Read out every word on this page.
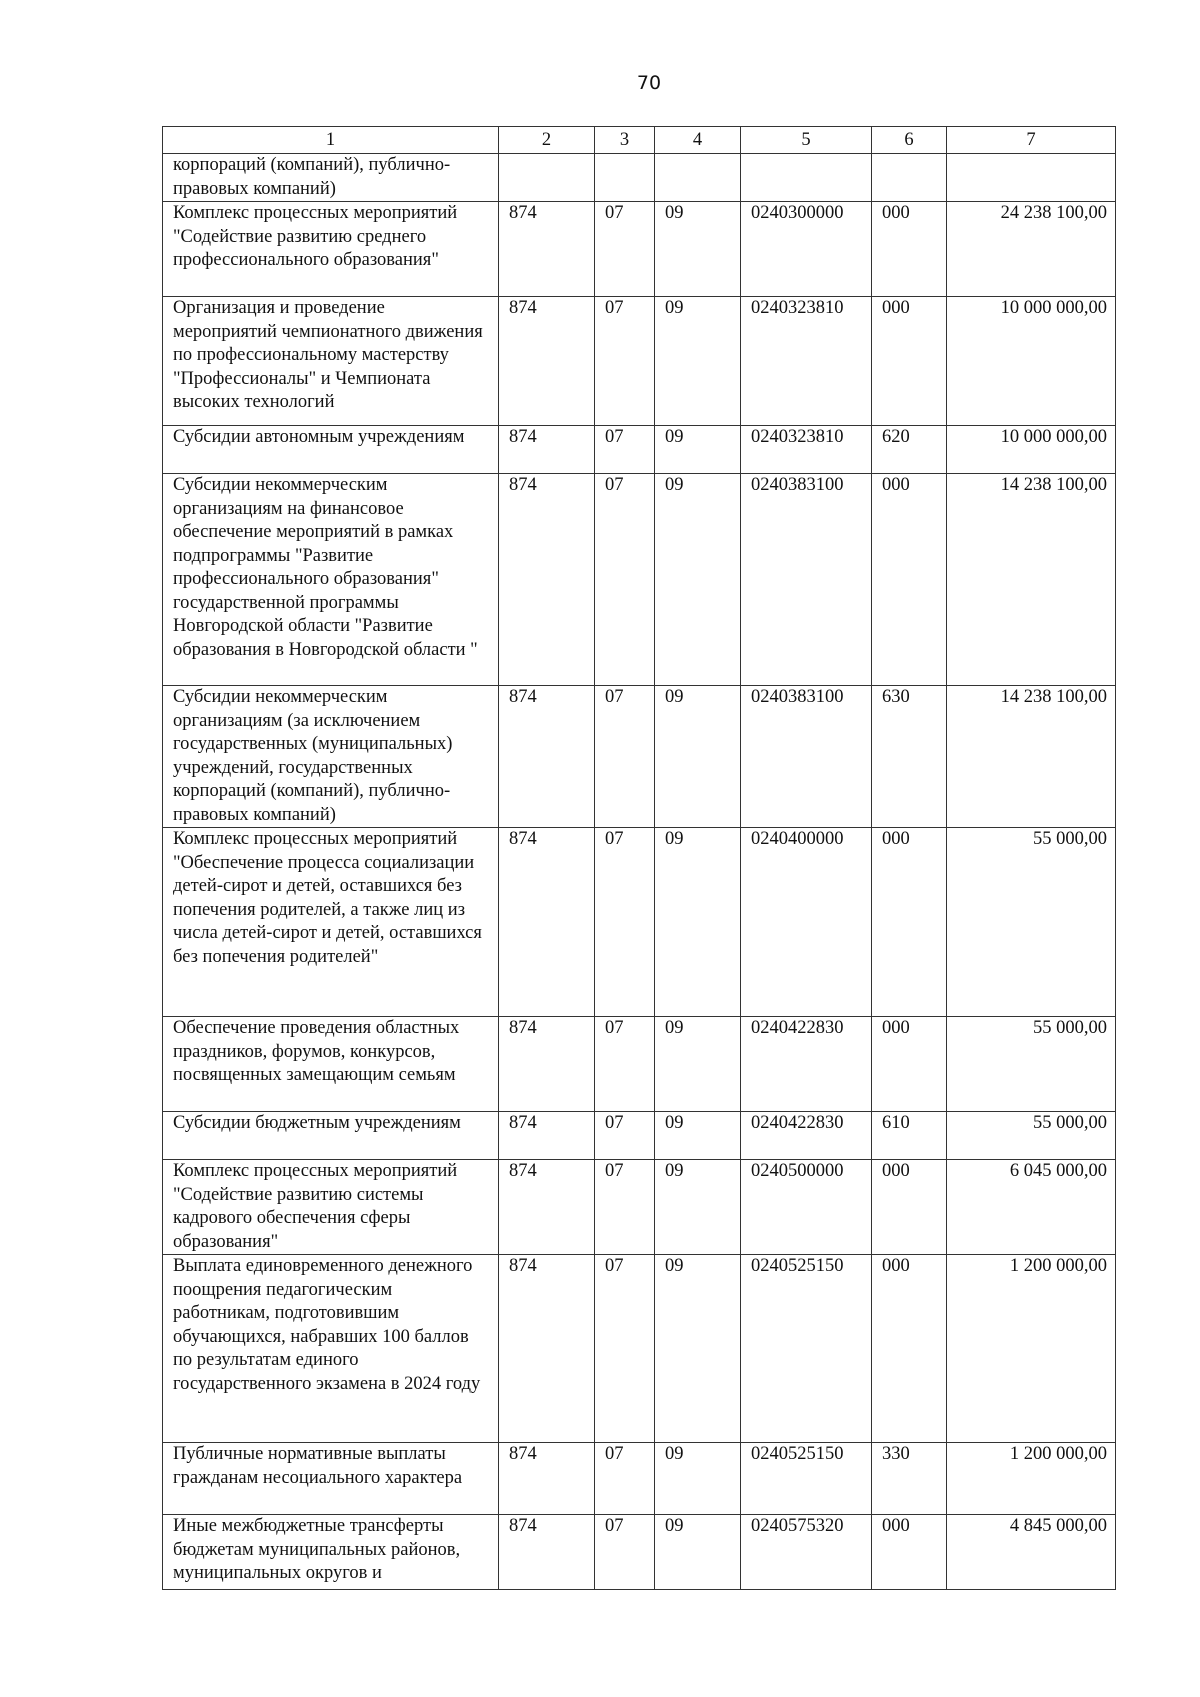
70
1	2	3	4	5	6	7
корпораций (компаний), публично-правовых компаний)						
Комплекс процессных мероприятий "Содействие развитию среднего профессионального образования"	874	07	09	0240300000	000	24 238 100,00
Организация и проведение мероприятий чемпионатного движения по профессиональному мастерству "Профессионалы" и Чемпионата высоких технологий	874	07	09	0240323810	000	10 000 000,00
Субсидии автономным учреждениям	874	07	09	0240323810	620	10 000 000,00
Субсидии некоммерческим организациям на финансовое обеспечение мероприятий в рамках подпрограммы "Развитие профессионального образования" государственной программы Новгородской области "Развитие образования в Новгородской области "	874	07	09	0240383100	000	14 238 100,00
Субсидии некоммерческим организациям (за исключением государственных (муниципальных) учреждений, государственных корпораций (компаний), публично-правовых компаний)	874	07	09	0240383100	630	14 238 100,00
Комплекс процессных мероприятий "Обеспечение процесса социализации детей-сирот и детей, оставшихся без попечения родителей, а также лиц из числа детей-сирот и детей, оставшихся без попечения родителей"	874	07	09	0240400000	000	55 000,00
Обеспечение проведения областных праздников, форумов, конкурсов, посвященных замещающим семьям	874	07	09	0240422830	000	55 000,00
Субсидии бюджетным учреждениям	874	07	09	0240422830	610	55 000,00
Комплекс процессных мероприятий "Содействие развитию системы кадрового обеспечения сферы образования"	874	07	09	0240500000	000	6 045 000,00
Выплата единовременного денежного поощрения педагогическим работникам, подготовившим обучающихся, набравших 100 баллов по результатам единого государственного экзамена в 2024 году	874	07	09	0240525150	000	1 200 000,00
Публичные нормативные выплаты гражданам несоциального характера	874	07	09	0240525150	330	1 200 000,00
Иные межбюджетные трансферты бюджетам муниципальных районов, муниципальных округов и	874	07	09	0240575320	000	4 845 000,00
